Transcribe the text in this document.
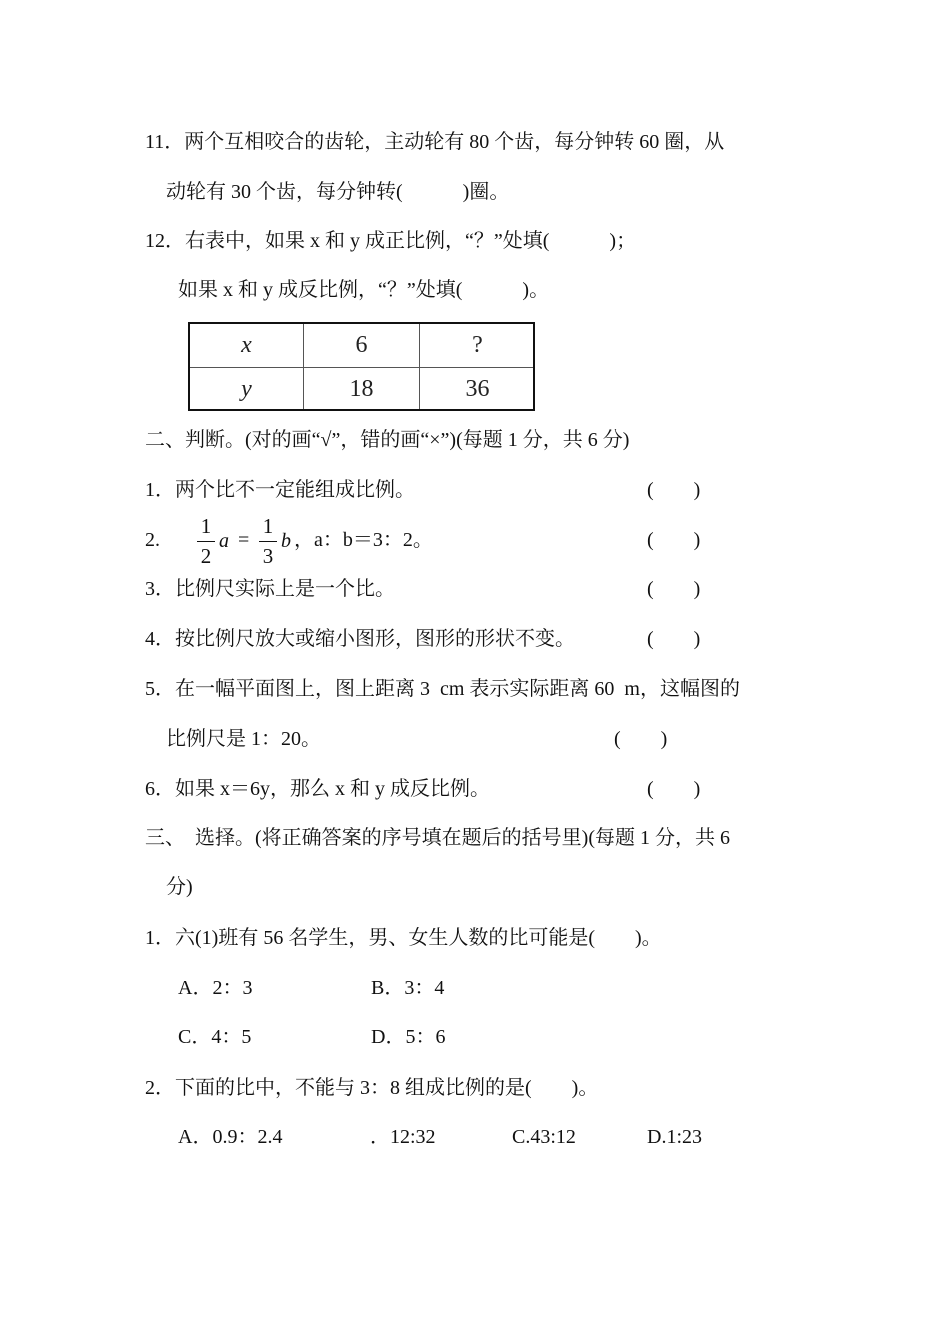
11．两个互相咬合的齿轮，主动轮有 80 个齿，每分钟转 60 圈，从
动轮有 30 个齿，每分钟转(            )圈。
12．右表中，如果 x 和 y 成正比例，“？”处填(            )；
如果 x 和 y 成反比例，“？”处填(            )。
x	6	?
y	18	36
二、判断。(对的画“√”，错的画“×”)(每题 1 分，共 6 分)
1．两个比不一定能组成比例。	(        )
2.
1
2
a =
1
3
b ，a：b＝3：2。	(        )
3．比例尺实际上是一个比。	(        )
4．按比例尺放大或缩小图形，图形的形状不变。	(        )
5．在一幅平面图上，图上距离 3  cm 表示实际距离 60  m，这幅图的
比例尺是 1：20。	(        )
6．如果 x＝6y，那么 x 和 y 成反比例。	(        )
三、  选择。(将正确答案的序号填在题后的括号里)(每题 1 分，共 6
分)
1．六(1)班有 56 名学生，男、女生人数的比可能是(        )。
A．2：3	B．3：4
C．4：5	D．5：6
2．下面的比中，不能与 3：8 组成比例的是(        )。
A．0.9：2.4	．12:32	C.43:12	D.1:23
